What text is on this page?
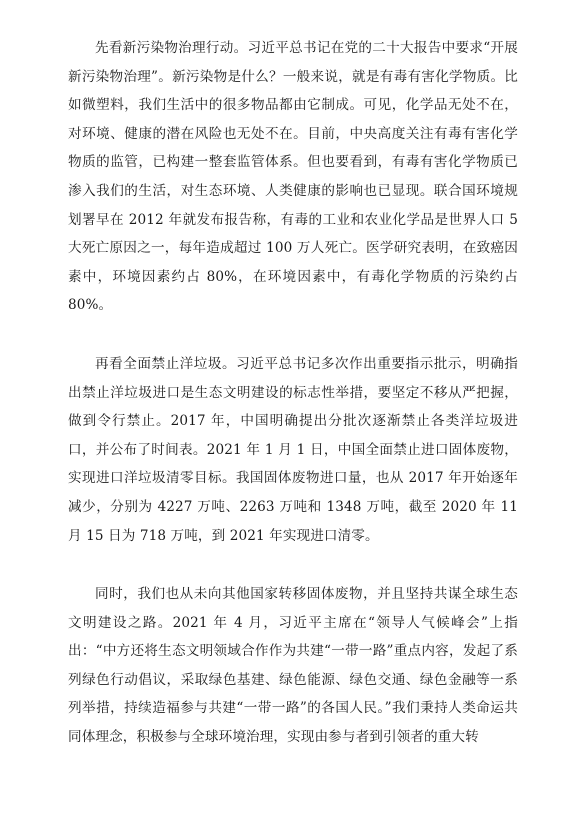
先看新污染物治理行动。习近平总书记在党的二十大报告中要求“开展新污染物治理”。新污染物是什么？一般来说，就是有毒有害化学物质。比如微塑料，我们生活中的很多物品都由它制成。可见，化学品无处不在，对环境、健康的潜在风险也无处不在。目前，中央高度关注有毒有害化学物质的监管，已构建一整套监管体系。但也要看到，有毒有害化学物质已渗入我们的生活，对生态环境、人类健康的影响也已显现。联合国环境规划署早在 2012 年就发布报告称，有毒的工业和农业化学品是世界人口 5 大死亡原因之一，每年造成超过 100 万人死亡。医学研究表明，在致癌因素中，环境因素约占 80%，在环境因素中，有毒化学物质的污染约占 80%。

再看全面禁止洋垃圾。习近平总书记多次作出重要指示批示，明确指出禁止洋垃圾进口是生态文明建设的标志性举措，要坚定不移从严把握，做到令行禁止。2017 年，中国明确提出分批次逐渐禁止各类洋垃圾进口，并公布了时间表。2021 年 1 月 1 日，中国全面禁止进口固体废物，实现进口洋垃圾清零目标。我国固体废物进口量，也从 2017 年开始逐年减少，分别为 4227 万吨、2263 万吨和 1348 万吨，截至 2020 年 11 月 15 日为 718 万吨，到 2021 年实现进口清零。

同时，我们也从未向其他国家转移固体废物，并且坚持共谋全球生态文明建设之路。2021 年 4 月，习近平主席在“领导人气候峰会”上指出：“中方还将生态文明领域合作作为共建“一带一路”重点内容，发起了系列绿色行动倡议，采取绿色基建、绿色能源、绿色交通、绿色金融等一系列举措，持续造福参与共建“一带一路”的各国人民。”我们秉持人类命运共同体理念，积极参与全球环境治理，实现由参与者到引领者的重大转
